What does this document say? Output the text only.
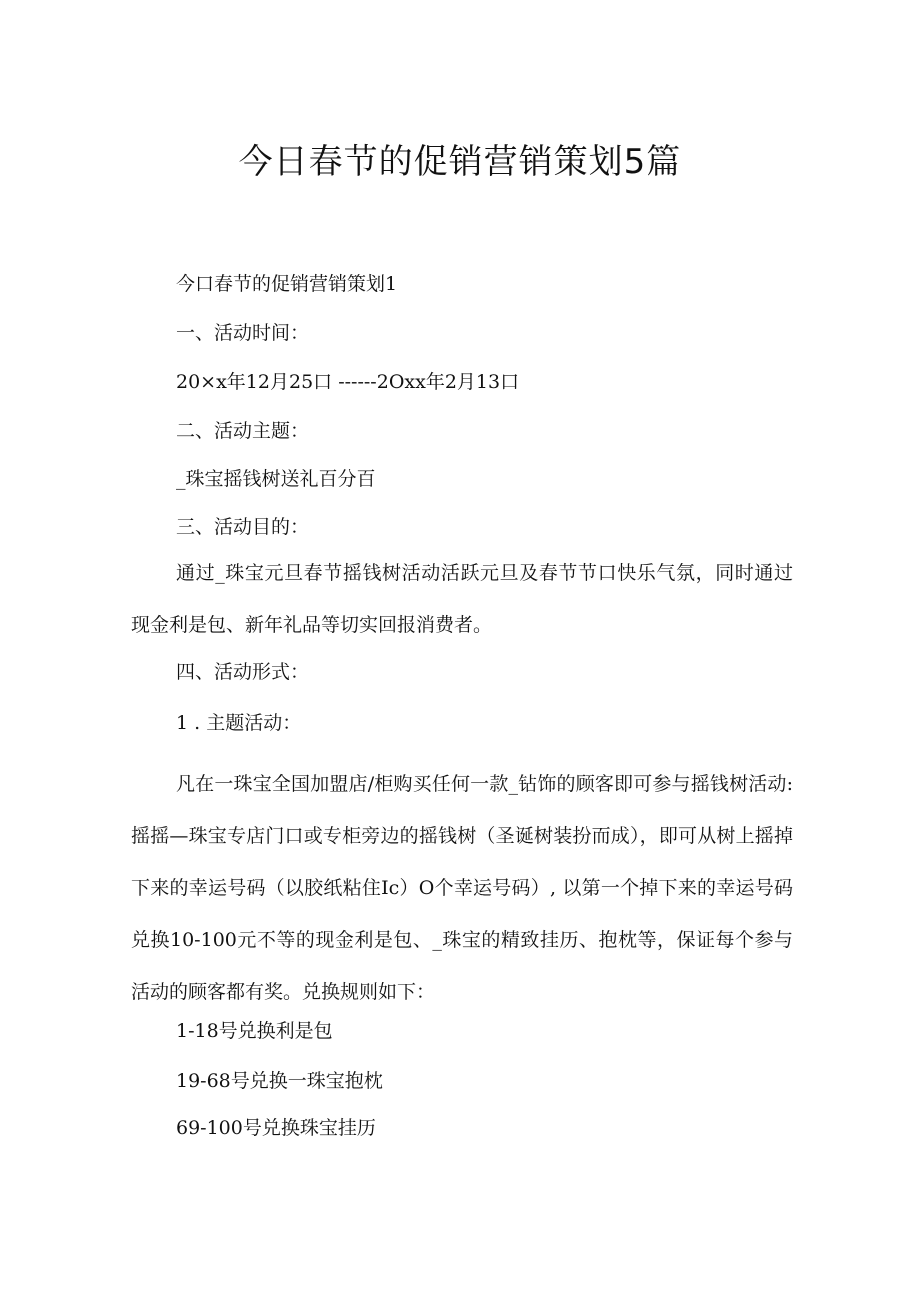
今日春节的促销营销策划5篇

今口春节的促销营销策划1

一、活动时间：

20×x年12月25口 ------2Oxx年2月13口

二、活动主题：

_珠宝摇钱树送礼百分百

三、活动目的：

通过_珠宝元旦春节摇钱树活动活跃元旦及春节节口快乐气氛，同时通过现金利是包、新年礼品等切实回报消费者。

四、活动形式：

1 . 主题活动：

凡在一珠宝全国加盟店/柜购买任何一款_钻饰的顾客即可参与摇钱树活动: 摇摇—珠宝专店门口或专柜旁边的摇钱树（圣诞树装扮而成），即可从树上摇掉下来的幸运号码（以胶纸粘住Ic）O个幸运号码）, 以第一个掉下来的幸运号码兑换10-100元不等的现金利是包、_珠宝的精致挂历、抱枕等，保证每个参与活动的顾客都有奖。兑换规则如下：

1-18号兑换利是包

19-68号兑换一珠宝抱枕

69-100号兑换珠宝挂历
